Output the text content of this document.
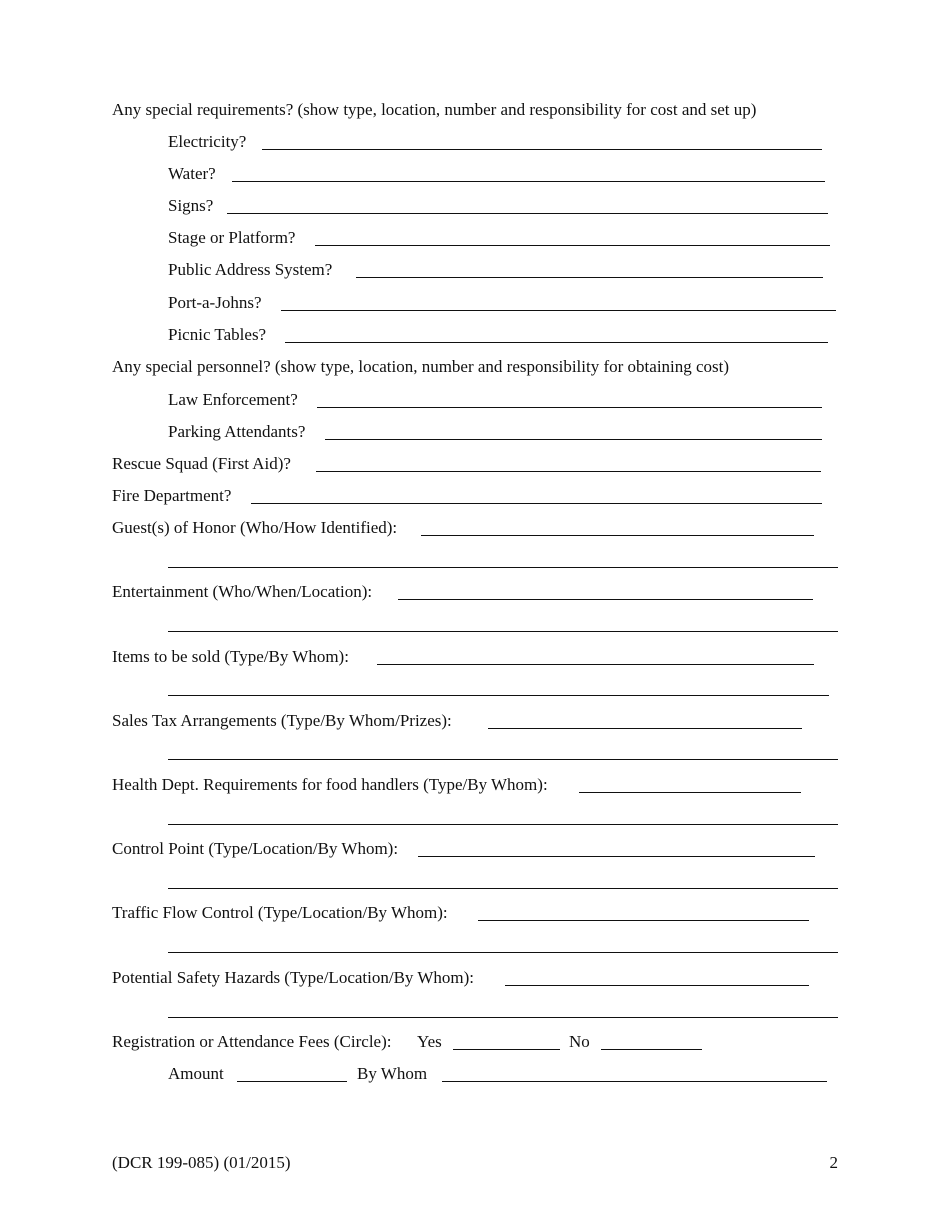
Any special requirements? (show type, location, number and responsibility for cost and set up)
Electricity?
Water?
Signs?
Stage or Platform?
Public Address System?
Port-a-Johns?
Picnic Tables?
Any special personnel? (show type, location, number and responsibility for obtaining cost)
Law Enforcement?
Parking Attendants?
Rescue Squad (First Aid)?
Fire Department?
Guest(s) of Honor (Who/How Identified):
Entertainment (Who/When/Location):
Items to be sold (Type/By Whom):
Sales Tax Arrangements (Type/By Whom/Prizes):
Health Dept. Requirements for food handlers (Type/By Whom):
Control Point (Type/Location/By Whom):
Traffic Flow Control (Type/Location/By Whom):
Potential Safety Hazards (Type/Location/By Whom):
Registration or Attendance Fees (Circle): Yes	No
Amount	By Whom
(DCR 199-085) (01/2015)	2
